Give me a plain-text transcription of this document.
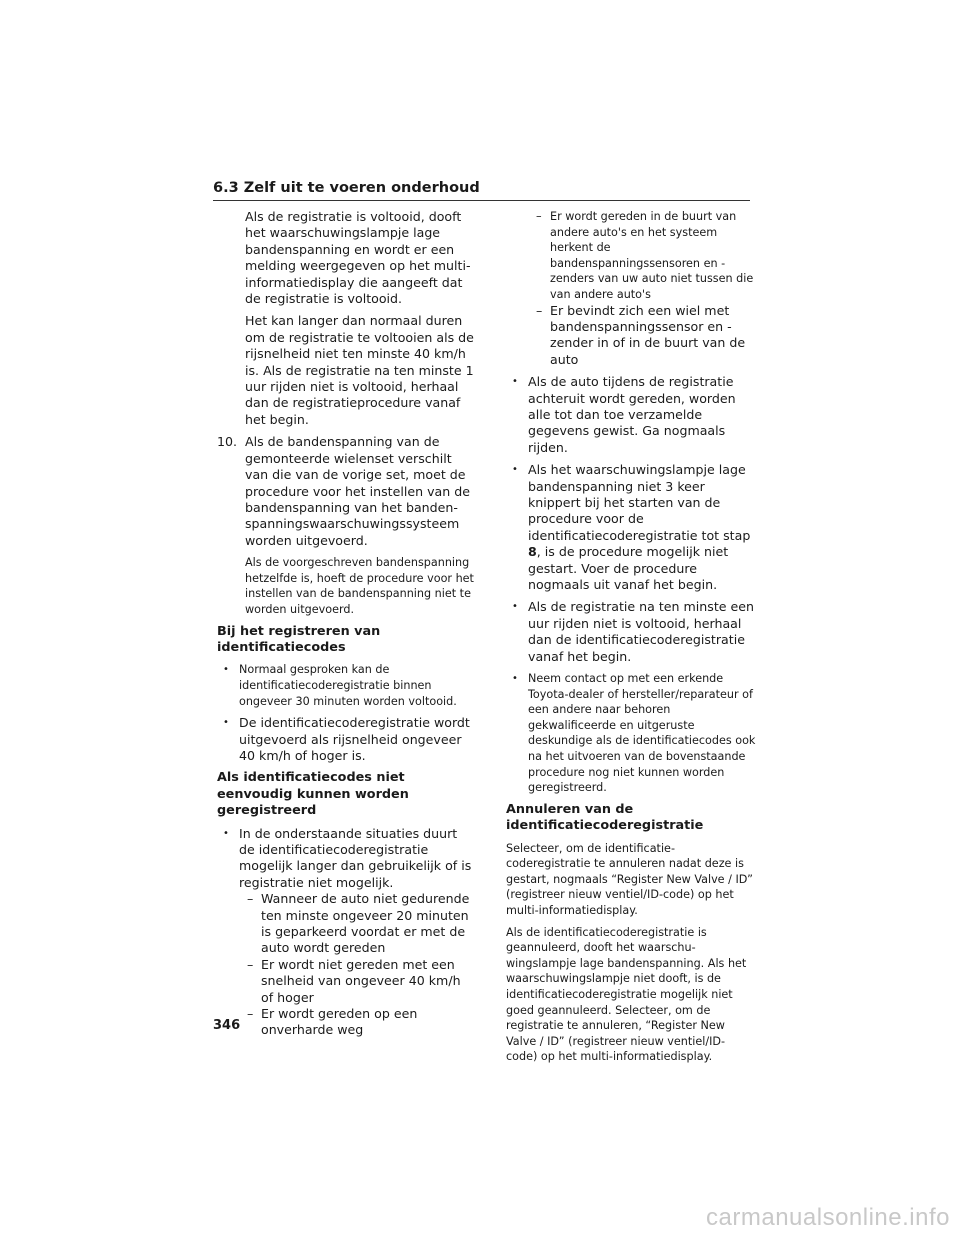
6.3 Zelf uit te voeren onderhoud

Als de registratie is voltooid, dooft het waarschuwingslampje lage bandenspanning en wordt er een melding weergegeven op het multi-informatiedisplay die aangeeft dat de registratie is voltooid.

Het kan langer dan normaal duren om de registratie te voltooien als de rijsnelheid niet ten minste 40 km/h is. Als de registratie na ten minste 1 uur rijden niet is voltooid, herhaal dan de registratieprocedure vanaf het begin.

10. Als de bandenspanning van de gemonteerde wielenset verschilt van die van de vorige set, moet de procedure voor het instellen van de bandenspanning van het banden-spanningswaarschuwingssysteem worden uitgevoerd.

Als de voorgeschreven bandenspanning hetzelfde is, hoeft de procedure voor het instellen van de bandenspanning niet te worden uitgevoerd.

Bij het registreren van identificatiecodes
• Normaal gesproken kan de identificatiecoderegistratie binnen ongeveer 30 minuten worden voltooid.
• De identificatiecoderegistratie wordt uitgevoerd als rijsnelheid ongeveer 40 km/h of hoger is.
Als identificatiecodes niet eenvoudig kunnen worden geregistreerd
• In de onderstaande situaties duurt de identificatiecoderegistratie mogelijk langer dan gebruikelijk of is registratie niet mogelijk.
– Wanneer de auto niet gedurende ten minste ongeveer 20 minuten is geparkeerd voordat er met de auto wordt gereden
– Er wordt niet gereden met een snelheid van ongeveer 40 km/h of hoger
– Er wordt gereden op een onverharde weg
– Er wordt gereden in de buurt van andere auto's en het systeem herkent de bandenspanningssensoren en -zenders van uw auto niet tussen die van andere auto's
– Er bevindt zich een wiel met bandenspanningssensor en -zender in of in de buurt van de auto
• Als de auto tijdens de registratie achteruit wordt gereden, worden alle tot dan toe verzamelde gegevens gewist. Ga nogmaals rijden.
• Als het waarschuwingslampje lage bandenspanning niet 3 keer knippert bij het starten van de procedure voor de identificatiecoderegistratie tot stap 8, is de procedure mogelijk niet gestart. Voer de procedure nogmaals uit vanaf het begin.
• Als de registratie na ten minste een uur rijden niet is voltooid, herhaal dan de identificatiecoderegistratie vanaf het begin.
• Neem contact op met een erkende Toyota-dealer of hersteller/reparateur of een andere naar behoren gekwalificeerde en uitgeruste deskundige als de identificatiecodes ook na het uitvoeren van de bovenstaande procedure nog niet kunnen worden geregistreerd.
Annuleren van de identificatiecoderegistratie

Selecteer, om de identificatie-coderegistratie te annuleren nadat deze is gestart, nogmaals “Register New Valve / ID” (registreer nieuw ventiel/ID-code) op het multi-informatiedisplay.

Als de identificatiecoderegistratie is geannuleerd, dooft het waarschu-wingslampje lage bandenspanning. Als het waarschuwingslampje niet dooft, is de identificatiecoderegistratie mogelijk niet goed geannuleerd. Selecteer, om de registratie te annuleren, “Register New Valve / ID” (registreer nieuw ventiel/ID-code) op het multi-informatiedisplay.

346
carmanualsonline.info
